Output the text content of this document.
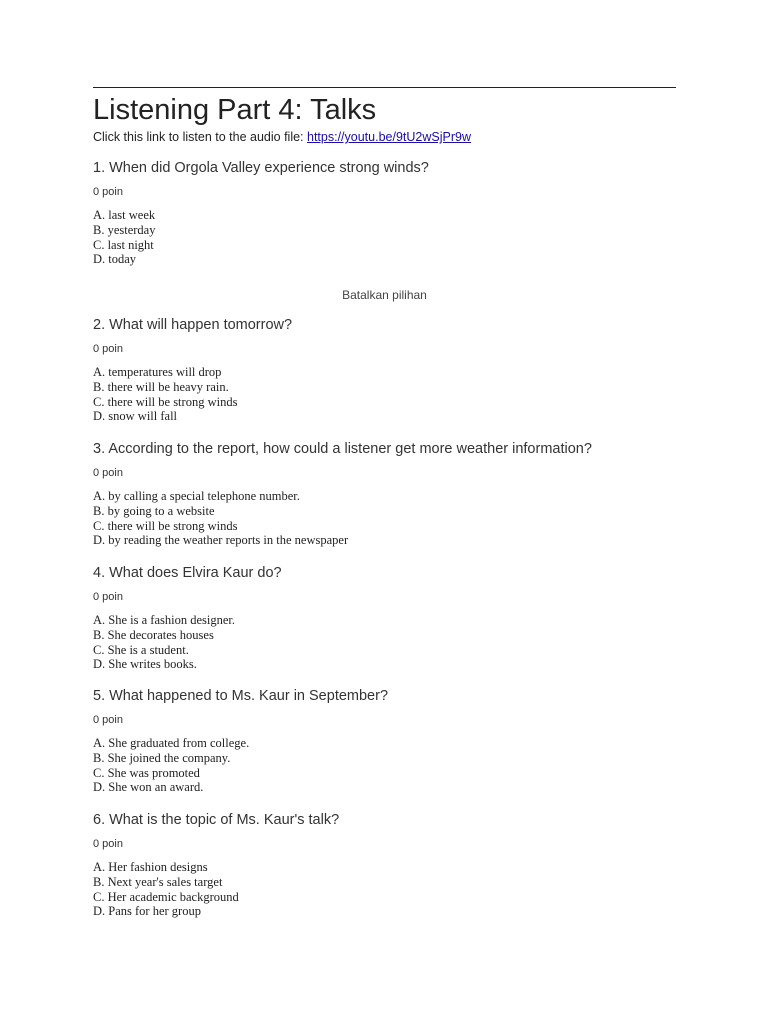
Listening Part 4: Talks
Click this link to listen to the audio file: https://youtu.be/9tU2wSjPr9w
1. When did Orgola Valley experience strong winds?
0 poin
A. last week
B. yesterday
C. last night
D. today
Batalkan pilihan
2. What will happen tomorrow?
0 poin
A. temperatures will drop
B. there will be heavy rain.
C. there will be strong winds
D. snow will fall
3. According to the report, how could a listener get more weather information?
0 poin
A. by calling a special telephone number.
B. by going to a website
C. there will be strong winds
D. by reading the weather reports in the newspaper
4. What does Elvira Kaur do?
0 poin
A. She is a fashion designer.
B. She decorates houses
C. She is a student.
D. She writes books.
5. What happened to Ms. Kaur in September?
0 poin
A. She graduated from college.
B. She joined the company.
C. She was promoted
D. She won an award.
6. What is the topic of Ms. Kaur's talk?
0 poin
A. Her fashion designs
B. Next year's sales target
C. Her academic background
D. Pans for her group
